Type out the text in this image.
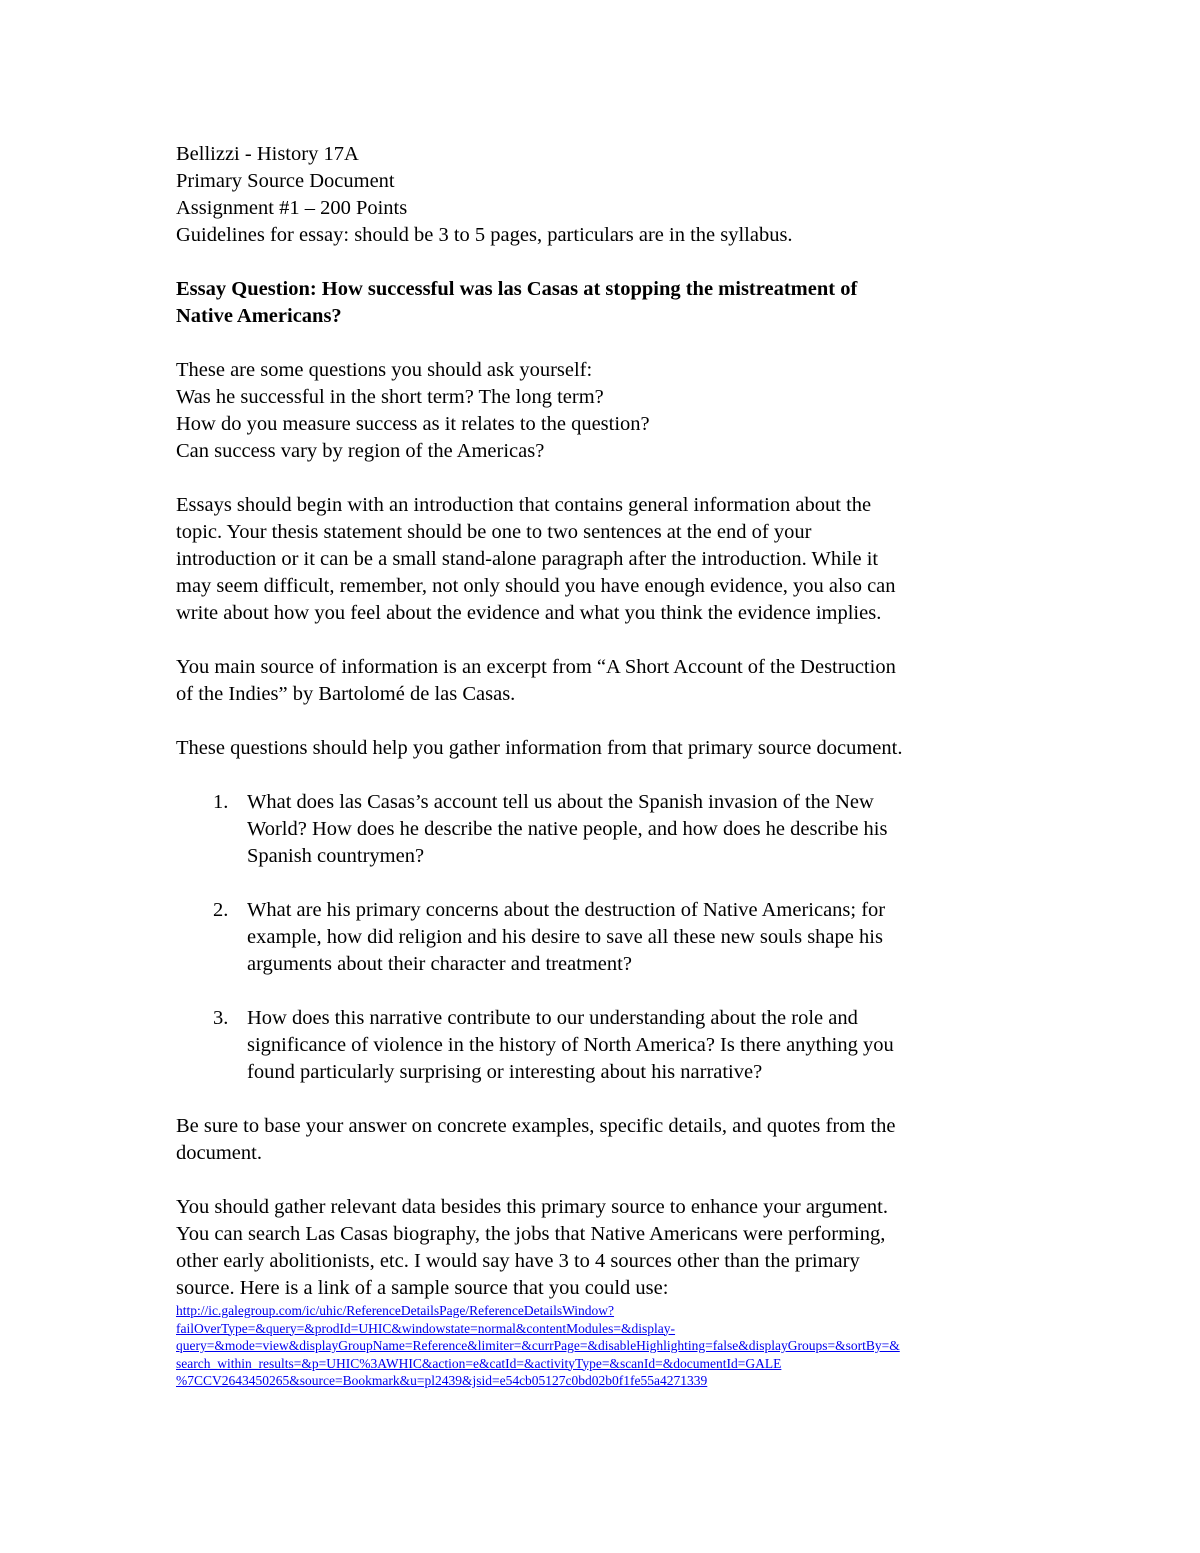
Bellizzi - History 17A
Primary Source Document
Assignment #1 – 200 Points
Guidelines for essay: should be 3 to 5 pages, particulars are in the syllabus.
Essay Question: How successful was las Casas at stopping the mistreatment of
Native Americans?
These are some questions you should ask yourself:
Was he successful in the short term? The long term?
How do you measure success as it relates to the question?
Can success vary by region of the Americas?
Essays should begin with an introduction that contains general information about the
topic. Your thesis statement should be one to two sentences at the end of your
introduction or it can be a small stand-alone paragraph after the introduction. While it
may seem difficult, remember, not only should you have enough evidence, you also can
write about how you feel about the evidence and what you think the evidence implies.
You main source of information is an excerpt from “A Short Account of the Destruction
of the Indies” by Bartolomé de las Casas.
These questions should help you gather information from that primary source document.
1. What does las Casas’s account tell us about the Spanish invasion of the New
World? How does he describe the native people, and how does he describe his
Spanish countrymen?
2. What are his primary concerns about the destruction of Native Americans; for
example, how did religion and his desire to save all these new souls shape his
arguments about their character and treatment?
3. How does this narrative contribute to our understanding about the role and
significance of violence in the history of North America? Is there anything you
found particularly surprising or interesting about his narrative?
Be sure to base your answer on concrete examples, specific details, and quotes from the
document.
You should gather relevant data besides this primary source to enhance your argument.
You can search Las Casas biography, the jobs that Native Americans were performing,
other early abolitionists, etc. I would say have 3 to 4 sources other than the primary
source. Here is a link of a sample source that you could use:
http://ic.galegroup.com/ic/uhic/ReferenceDetailsPage/ReferenceDetailsWindow?
failOverType=&query=&prodId=UHIC&windowstate=normal&contentModules=&display-
query=&mode=view&displayGroupName=Reference&limiter=&currPage=&disableHighlighting=false&displayGroups=&sortBy=&
search_within_results=&p=UHIC%3AWHIC&action=e&catId=&activityType=&scanId=&documentId=GALE
%7CCV2643450265&source=Bookmark&u=pl2439&jsid=e54cb05127c0bd02b0f1fe55a4271339
